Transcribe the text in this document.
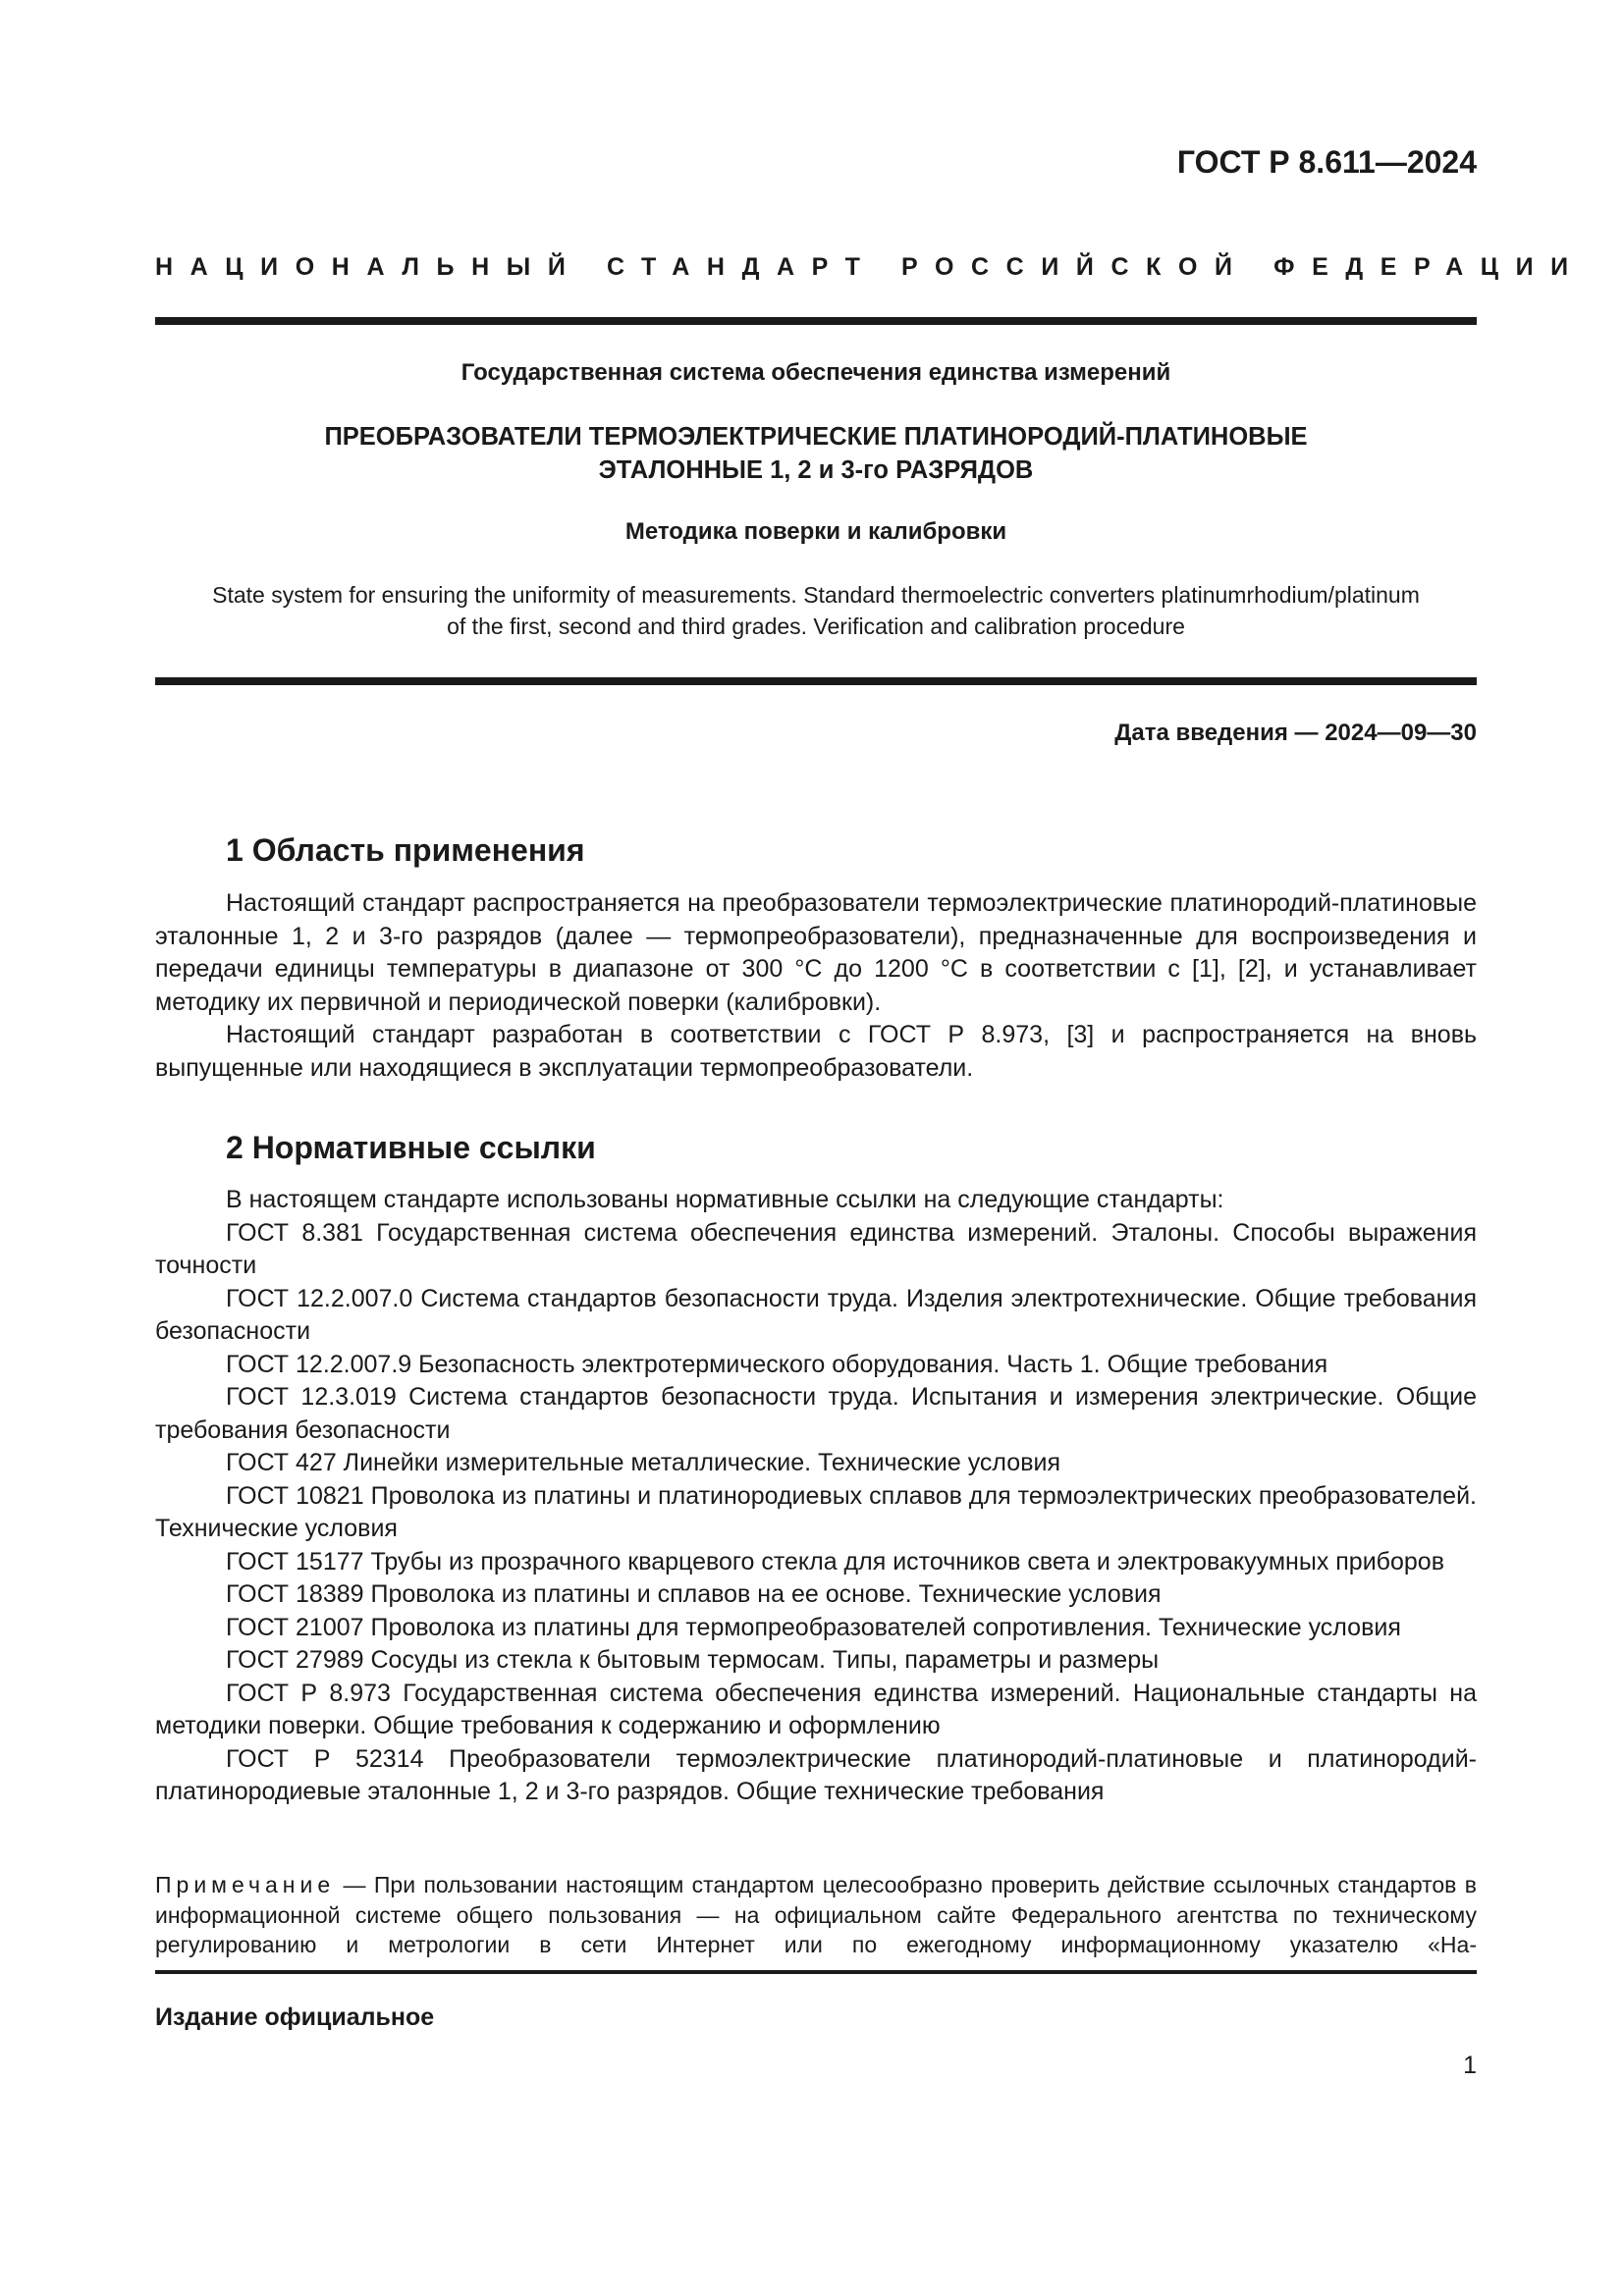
ГОСТ Р 8.611—2024
НАЦИОНАЛЬНЫЙ СТАНДАРТ РОССИЙСКОЙ ФЕДЕРАЦИИ
Государственная система обеспечения единства измерений
ПРЕОБРАЗОВАТЕЛИ ТЕРМОЭЛЕКТРИЧЕСКИЕ ПЛАТИНОРОДИЙ-ПЛАТИНОВЫЕ
ЭТАЛОННЫЕ 1, 2 и 3-го РАЗРЯДОВ
Методика поверки и калибровки
State system for ensuring the uniformity of measurements. Standard thermoelectric converters platinumrhodium/platinum
of the first, second and third grades. Verification and calibration procedure
Дата введения — 2024—09—30
1 Область применения

Настоящий стандарт распространяется на преобразователи термоэлектрические платинородий-платиновые эталонные 1, 2 и 3-го разрядов (далее — термопреобразователи), предназначенные для воспроизведения и передачи единицы температуры в диапазоне от 300 °C до 1200 °C в соответствии с [1], [2], и устанавливает методику их первичной и периодической поверки (калибровки).

Настоящий стандарт разработан в соответствии с ГОСТ Р 8.973, [3] и распространяется на вновь выпущенные или находящиеся в эксплуатации термопреобразователи.

2 Нормативные ссылки

В настоящем стандарте использованы нормативные ссылки на следующие стандарты:

ГОСТ 8.381 Государственная система обеспечения единства измерений. Эталоны. Способы выражения точности

ГОСТ 12.2.007.0 Система стандартов безопасности труда. Изделия электротехнические. Общие требования безопасности

ГОСТ 12.2.007.9 Безопасность электротермического оборудования. Часть 1. Общие требования

ГОСТ 12.3.019 Система стандартов безопасности труда. Испытания и измерения электрические. Общие требования безопасности

ГОСТ 427 Линейки измерительные металлические. Технические условия

ГОСТ 10821 Проволока из платины и платинородиевых сплавов для термоэлектрических преобразователей. Технические условия

ГОСТ 15177 Трубы из прозрачного кварцевого стекла для источников света и электровакуумных приборов

ГОСТ 18389 Проволока из платины и сплавов на ее основе. Технические условия

ГОСТ 21007 Проволока из платины для термопреобразователей сопротивления. Технические условия

ГОСТ 27989 Сосуды из стекла к бытовым термосам. Типы, параметры и размеры

ГОСТ Р 8.973 Государственная система обеспечения единства измерений. Национальные стандарты на методики поверки. Общие требования к содержанию и оформлению

ГОСТ Р 52314 Преобразователи термоэлектрические платинородий-платиновые и платинородий-платинородиевые эталонные 1, 2 и 3-го разрядов. Общие технические требования

Примечание — При пользовании настоящим стандартом целесообразно проверить действие ссылочных стандартов в информационной системе общего пользования — на официальном сайте Федерального агентства по техническому регулированию и метрологии в сети Интернет или по ежегодному информационному указателю «На-

Издание официальное
1
